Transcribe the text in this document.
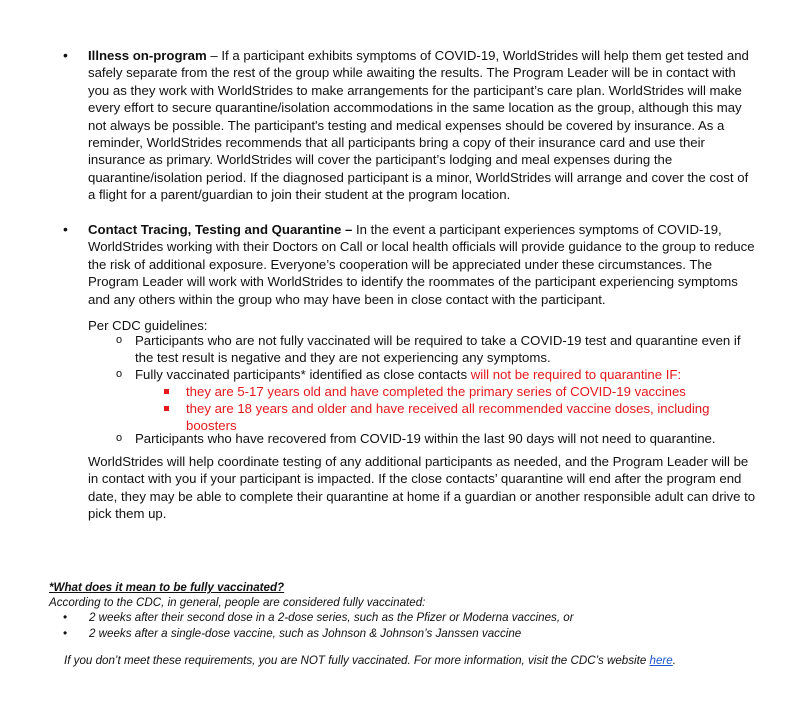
• Illness on-program – If a participant exhibits symptoms of COVID-19, WorldStrides will help them get tested and safely separate from the rest of the group while awaiting the results. The Program Leader will be in contact with you as they work with WorldStrides to make arrangements for the participant’s care plan. WorldStrides will make every effort to secure quarantine/isolation accommodations in the same location as the group, although this may not always be possible. The participant's testing and medical expenses should be covered by insurance. As a reminder, WorldStrides recommends that all participants bring a copy of their insurance card and use their insurance as primary. WorldStrides will cover the participant’s lodging and meal expenses during the quarantine/isolation period. If the diagnosed participant is a minor, WorldStrides will arrange and cover the cost of a flight for a parent/guardian to join their student at the program location.

• Contact Tracing, Testing and Quarantine – In the event a participant experiences symptoms of COVID-19, WorldStrides working with their Doctors on Call or local health officials will provide guidance to the group to reduce the risk of additional exposure. Everyone’s cooperation will be appreciated under these circumstances. The Program Leader will work with WorldStrides to identify the roommates of the participant experiencing symptoms and any others within the group who may have been in close contact with the participant.

Per CDC guidelines:

o Participants who are not fully vaccinated will be required to take a COVID-19 test and quarantine even if the test result is negative and they are not experiencing any symptoms.

o Fully vaccinated participants* identified as close contacts will not be required to quarantine IF:

they are 5-17 years old and have completed the primary series of COVID-19 vaccines

they are 18 years and older and have received all recommended vaccine doses, including boosters

o Participants who have recovered from COVID-19 within the last 90 days will not need to quarantine.

WorldStrides will help coordinate testing of any additional participants as needed, and the Program Leader will be in contact with you if your participant is impacted. If the close contacts’ quarantine will end after the program end date, they may be able to complete their quarantine at home if a guardian or another responsible adult can drive to pick them up.

*What does it mean to be fully vaccinated?

According to the CDC, in general, people are considered fully vaccinated:

• 2 weeks after their second dose in a 2-dose series, such as the Pfizer or Moderna vaccines, or

• 2 weeks after a single-dose vaccine, such as Johnson & Johnson’s Janssen vaccine

If you don’t meet these requirements, you are NOT fully vaccinated. For more information, visit the CDC’s website here.
